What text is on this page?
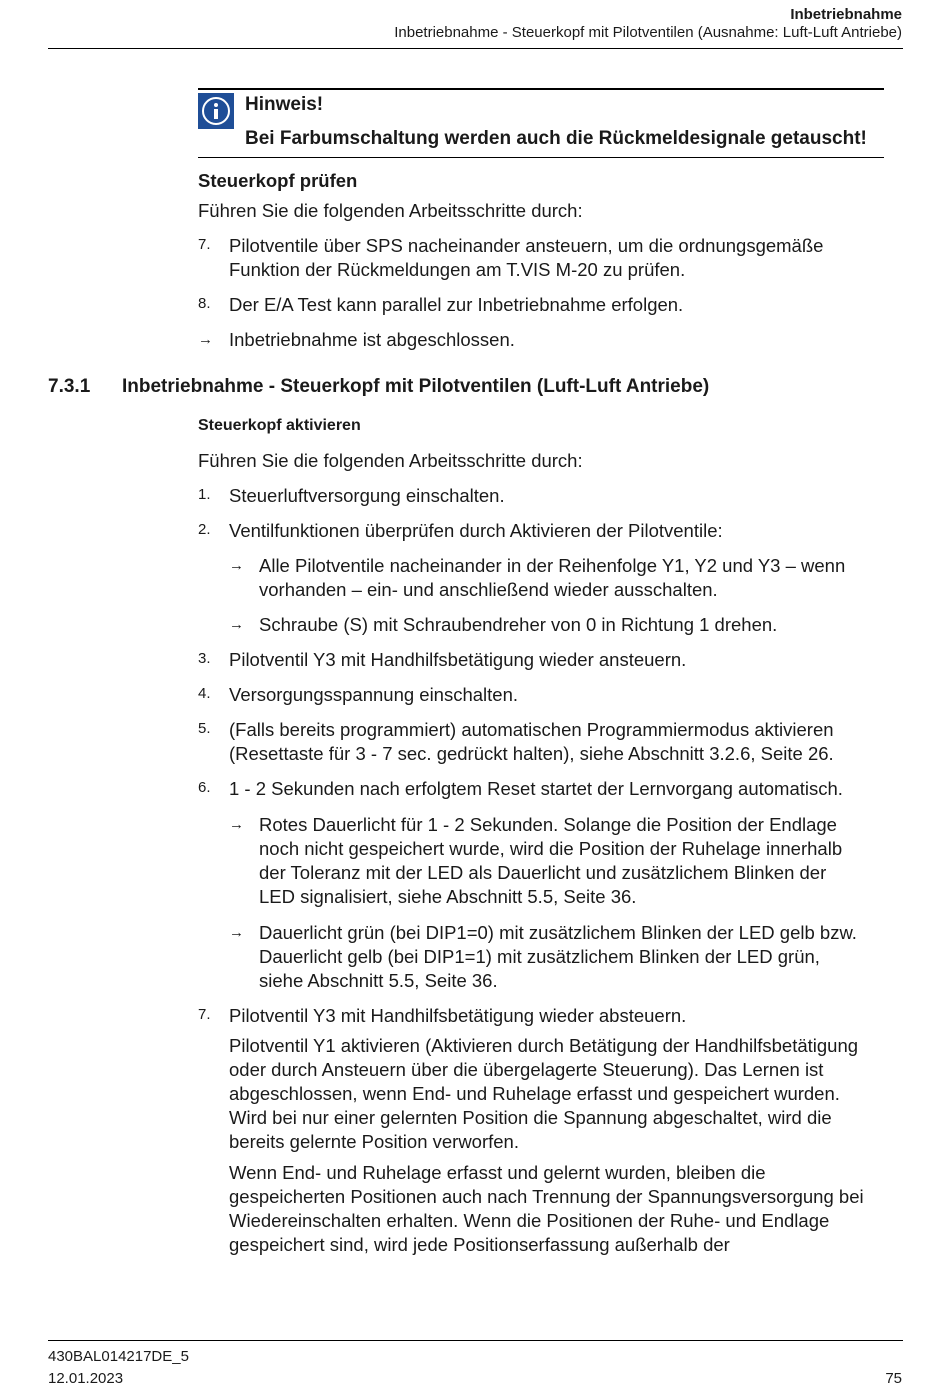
Inbetriebnahme
Inbetriebnahme - Steuerkopf mit Pilotventilen (Ausnahme: Luft-Luft Antriebe)
Hinweis!
Bei Farbumschaltung werden auch die Rückmeldesignale getauscht!
Steuerkopf prüfen
Führen Sie die folgenden Arbeitsschritte durch:
7. Pilotventile über SPS nacheinander ansteuern, um die ordnungsgemäße
Funktion der Rückmeldungen am T.VIS M-20 zu prüfen.
8. Der E/A Test kann parallel zur Inbetriebnahme erfolgen.
→ Inbetriebnahme ist abgeschlossen.
7.3.1 Inbetriebnahme - Steuerkopf mit Pilotventilen (Luft-Luft Antriebe)
Steuerkopf aktivieren
Führen Sie die folgenden Arbeitsschritte durch:
1. Steuerluftversorgung einschalten.
2. Ventilfunktionen überprüfen durch Aktivieren der Pilotventile:
→ Alle Pilotventile nacheinander in der Reihenfolge Y1, Y2 und Y3 – wenn
vorhanden – ein- und anschließend wieder ausschalten.
→ Schraube (S) mit Schraubendreher von 0 in Richtung 1 drehen.
3. Pilotventil Y3 mit Handhilfsbetätigung wieder ansteuern.
4. Versorgungsspannung einschalten.
5. (Falls bereits programmiert) automatischen Programmiermodus aktivieren
(Resettaste für 3 - 7 sec. gedrückt halten), siehe Abschnitt 3.2.6, Seite 26.
6. 1 - 2 Sekunden nach erfolgtem Reset startet der Lernvorgang automatisch.
→ Rotes Dauerlicht für 1 - 2 Sekunden. Solange die Position der Endlage
noch nicht gespeichert wurde, wird die Position der Ruhelage innerhalb
der Toleranz mit der LED als Dauerlicht und zusätzlichem Blinken der
LED signalisiert, siehe Abschnitt 5.5, Seite 36.
→ Dauerlicht grün (bei DIP1=0) mit zusätzlichem Blinken der LED gelb bzw.
Dauerlicht gelb (bei DIP1=1) mit zusätzlichem Blinken der LED grün,
siehe Abschnitt 5.5, Seite 36.
7. Pilotventil Y3 mit Handhilfsbetätigung wieder absteuern.
Pilotventil Y1 aktivieren (Aktivieren durch Betätigung der Handhilfsbetätigung
oder durch Ansteuern über die übergelagerte Steuerung). Das Lernen ist
abgeschlossen, wenn End- und Ruhelage erfasst und gespeichert wurden.
Wird bei nur einer gelernten Position die Spannung abgeschaltet, wird die
bereits gelernte Position verworfen.
Wenn End- und Ruhelage erfasst und gelernt wurden, bleiben die
gespeicherten Positionen auch nach Trennung der Spannungsversorgung bei
Wiedereinschalten erhalten. Wenn die Positionen der Ruhe- und Endlage
gespeichert sind, wird jede Positionserfassung außerhalb der
430BAL014217DE_5
12.01.2023	75
